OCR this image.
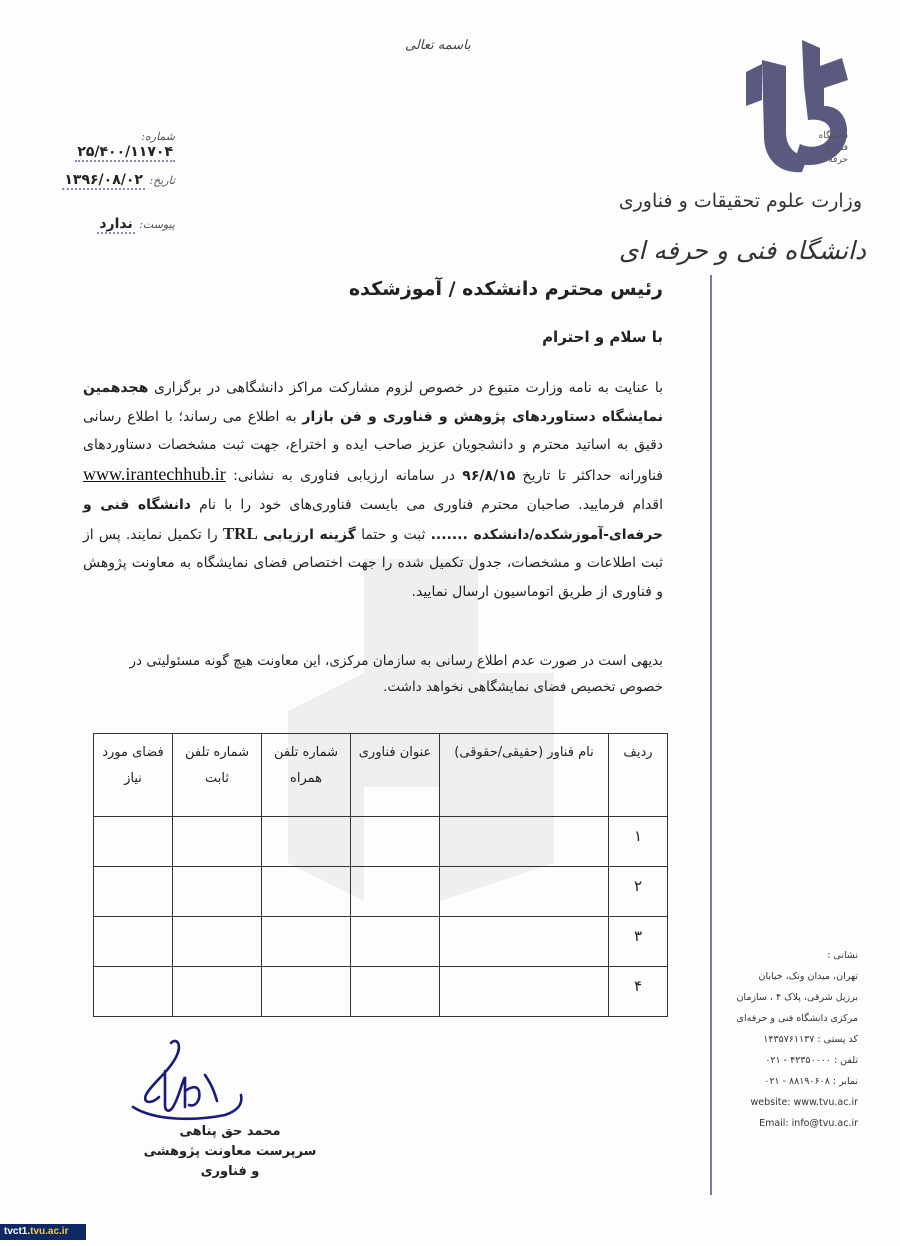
باسمه تعالی
دانشگاه
فنی و حرفه ای
وزارت علوم تحقیقات و فناوری
دانشگاه فنی و حرفه ای
شماره: ۲۵/۴۰۰/۱۱۷۰۴
تاریخ: ۱۳۹۶/۰۸/۰۲
پیوست: ندارد
رئیس محترم دانشکده / آموزشکده
با سلام و احترام
با عنایت به نامه وزارت متبوع در خصوص لزوم مشارکت مراکز دانشگاهی در برگزاری هجدهمین نمایشگاه دستاوردهای پژوهش و فناوری و فن بازار به اطلاع می رساند؛ با اطلاع رسانی دقیق به اساتید محترم و دانشجویان عزیز صاحب ایده و اختراع، جهت ثبت مشخصات دستاوردهای فناورانه حداکثر تا تاریخ ۹۶/۸/۱۵ در سامانه ارزیابی فناوری به نشانی: www.irantechhub.ir اقدام فرمایید. صاحبان محترم فناوری می بایست فناوری‌های خود را با نام دانشگاه فنی و حرفه‌ای-آموزشکده/دانشکده ....... ثبت و حتما گزینه ارزیابی TRL را تکمیل نمایند. پس از ثبت اطلاعات و مشخصات، جدول تکمیل شده را جهت اختصاص فضای نمایشگاه به معاونت پژوهش و فناوری از طریق اتوماسیون ارسال نمایید.
بدیهی است در صورت عدم اطلاع رسانی به سازمان مرکزی، این معاونت هیچ گونه مسئولیتی در خصوص تخصیص فضای نمایشگاهی نخواهد داشت.
ردیف	نام فناور (حقیقی/حقوقی)	عنوان فناوری	شماره تلفن همراه	شماره تلفن ثابت	فضای مورد نیاز
۱					
۲					
۳					
۴					
محمد حق پناهی
سرپرست معاونت پژوهشی و فناوری
نشانی :
تهران، میدان ونک، خیابان
برزیل شرقی، پلاک ۴ ، سازمان
مرکزی دانشگاه فنی و حرفه‌ای
کد پستی : ۱۴۳۵۷۶۱۱۳۷
تلفن : ۴۲۳۵۰۰۰۰ - ۰۲۱
نمابر : ۸۸۱۹۰۶۰۸ - ۰۲۱
website: www.tvu.ac.ir
Email: info@tvu.ac.ir
tvct1.tvu.ac.ir
